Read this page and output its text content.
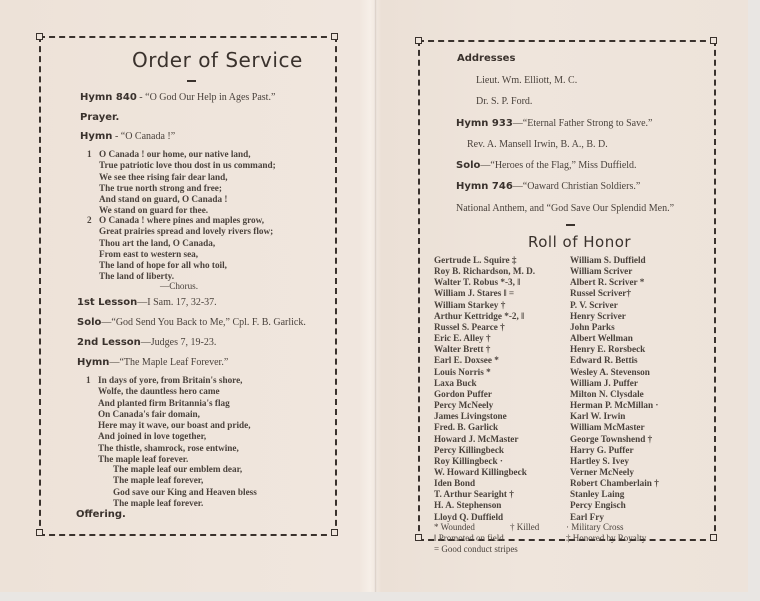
Order of Service
Hymn 840 - “O God Our Help in Ages Past.”
Prayer.
Hymn - “O Canada !”
1 O Canada ! our home, our native land,
True patriotic love thou dost in us command;
We see thee rising fair dear land,
The true north strong and free;
And stand on guard, O Canada !
We stand on guard for thee.
2 O Canada ! where pines and maples grow,
Great prairies spread and lovely rivers flow;
Thou art the land, O Canada,
From east to western sea,
The land of hope for all who toil,
The land of liberty.
—Chorus.
1st Lesson—I Sam. 17, 32-37.
Solo—“God Send You Back to Me,” Cpl. F. B. Garlick.
2nd Lesson—Judges 7, 19-23.
Hymn—“The Maple Leaf Forever.”
1 In days of yore, from Britain's shore,
Wolfe, the dauntless hero came
And planted firm Britannia's flag
On Canada's fair domain,
Here may it wave, our boast and pride,
And joined in love together,
The thistle, shamrock, rose entwine,
The maple leaf forever.
The maple leaf our emblem dear,
The maple leaf forever,
God save our King and Heaven bless
The maple leaf forever.
Offering.
Addresses
Lieut. Wm. Elliott, M. C.
Dr. S. P. Ford.
Hymn 933—“Eternal Father Strong to Save.”
Rev. A. Mansell Irwin, B. A., B. D.
Solo—“Heroes of the Flag,” Miss Duffield.
Hymn 746—“Oaward Christian Soldiers.”
National Anthem, and “God Save Our Splendid Men.”
Roll of Honor
Gertrude L. Squire ‡
Roy B. Richardson, M. D.
Walter T. Robus *-3, ‖
William J. Stares ‖ =
William Starkey †
Arthur Kettridge *-2, ‖
Russel S. Pearce †
Eric E. Alley †
Walter Brett †
Earl E. Doxsee *
Louis Norris *
Laxa Buck
Gordon Puffer
Percy McNeely
James Livingstone
Fred. B. Garlick
Howard J. McMaster
Percy Killingbeck
Roy Killingbeck ·
W. Howard Killingbeck
Iden Bond
T. Arthur Searight †
H. A. Stephenson
Lloyd Q. Duffield
William S. Duffield
William Scriver
Albert R. Scriver *
Russel Scriver†
P. V. Scriver
Henry Scriver
John Parks
Albert Wellman
Henry E. Rorsbeck
Edward R. Bettis
Wesley A. Stevenson
William J. Puffer
Milton N. Clysdale
Herman P. McMillan ·
Karl W. Irwin
William McMaster
George Townshend †
Harry G. Puffer
Hartley S. Ivey
Verner McNeely
Robert Chamberlain †
Stanley Laing
Percy Engisch
Earl Fry
* Wounded	† Killed
‖ Promoted on field
= Good conduct stripes
· Military Cross
‡ Honored by Royalty
